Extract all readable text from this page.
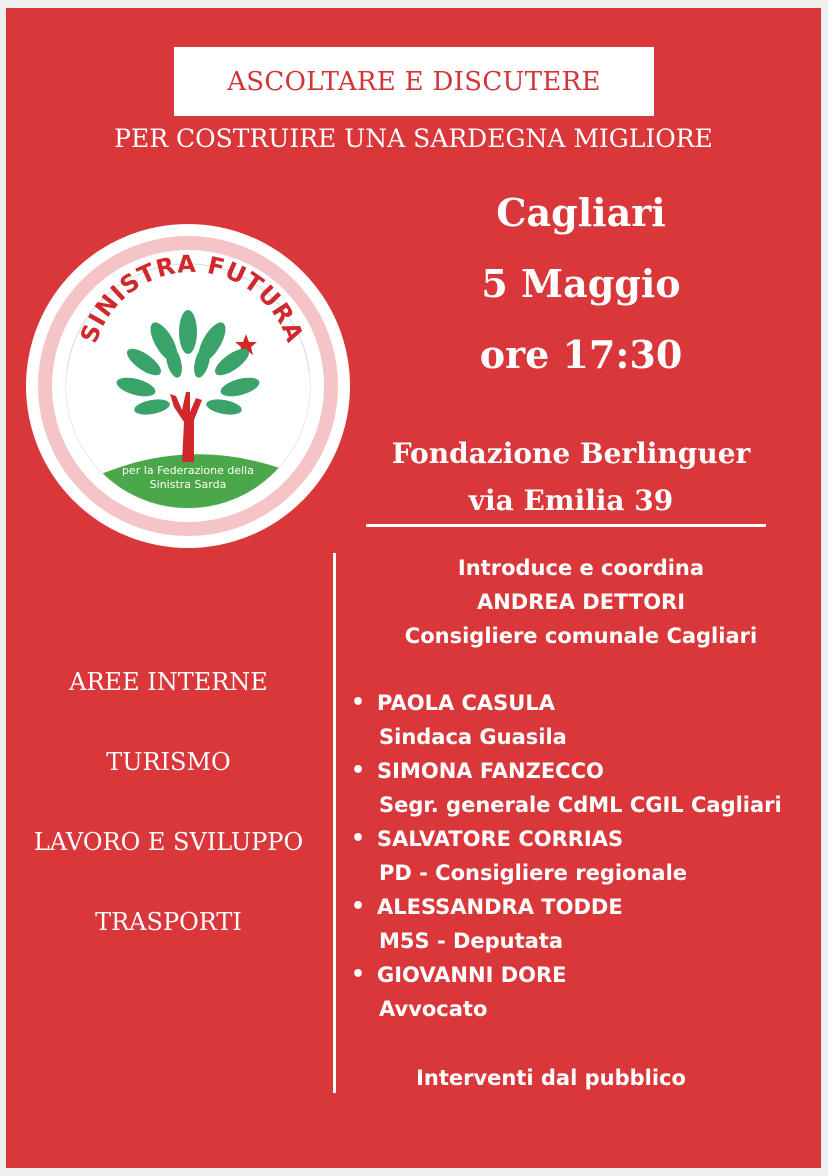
ASCOLTARE E DISCUTERE
PER COSTRUIRE UNA SARDEGNA MIGLIORE
SINISTRA FUTURA
per la Federazione della
Sinistra Sarda
Cagliari
5 Maggio
ore 17:30
Fondazione Berlinguer
via Emilia 39
Introduce e coordina
ANDREA DETTORI
Consigliere comunale Cagliari
AREE INTERNE
TURISMO
LAVORO E SVILUPPO
TRASPORTI
• PAOLA CASULA
Sindaca Guasila
• SIMONA FANZECCO
Segr. generale CdML CGIL Cagliari
• SALVATORE CORRIAS
PD - Consigliere regionale
• ALESSANDRA TODDE
M5S - Deputata
• GIOVANNI DORE
Avvocato
Interventi dal pubblico
